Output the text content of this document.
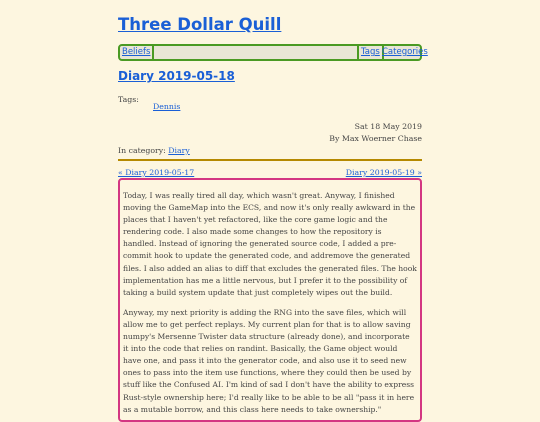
Three Dollar Quill
Beliefs	Tags Categories
Diary 2019-05-18
Tags:
Dennis
Sat 18 May 2019
By Max Woerner Chase
In category: Diary
« Diary 2019-05-17	Diary 2019-05-19 »

Today, I was really tired all day, which wasn't great. Anyway, I finished moving the GameMap into the ECS, and now it's only really awkward in the places that I haven't yet refactored, like the core game logic and the rendering code. I also made some changes to how the repository is handled. Instead of ignoring the generated source code, I added a pre-commit hook to update the generated code, and addremove the generated files. I also added an alias to diff that excludes the generated files. The hook implementation has me a little nervous, but I prefer it to the possibility of taking a build system update that just completely wipes out the build.

Anyway, my next priority is adding the RNG into the save files, which will allow me to get perfect replays. My current plan for that is to allow saving numpy's Mersenne Twister data structure (already done), and incorporate it into the code that relies on randint. Basically, the Game object would have one, and pass it into the generator code, and also use it to seed new ones to pass into the item use functions, where they could then be used by stuff like the Confused AI. I'm kind of sad I don't have the ability to express Rust-style ownership here; I'd really like to be able to be all "pass it in here as a mutable borrow, and this class here needs to take ownership."
